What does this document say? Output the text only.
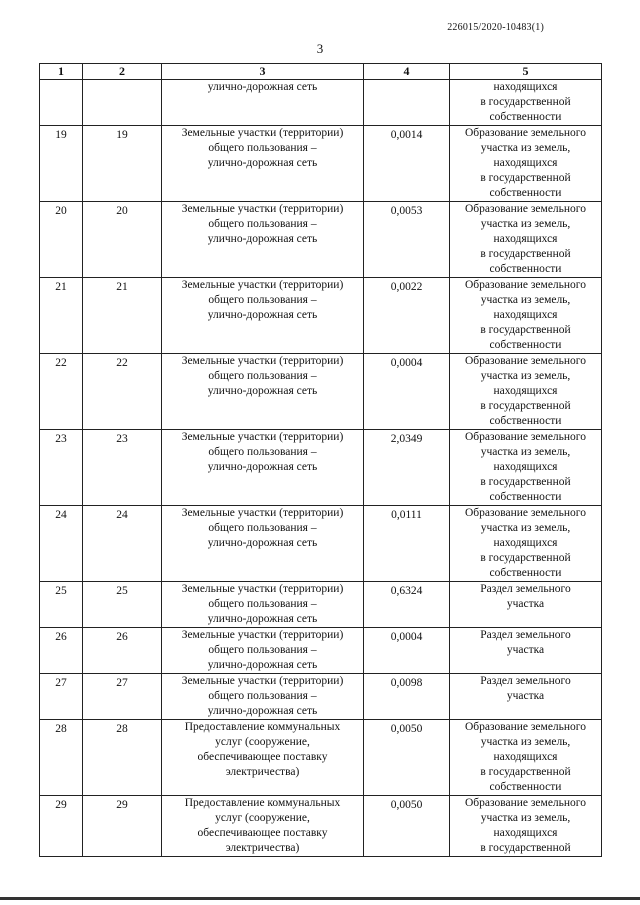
226015/2020-10483(1)
3
1	2	3	4	5

		улично-дорожная сеть		находящихся
в государственной
собственности

19	19	Земельные участки (территории)
общего пользования –
улично-дорожная сеть	0,0014	Образование земельного
участка из земель,
находящихся
в государственной
собственности

20	20	Земельные участки (территории)
общего пользования –
улично-дорожная сеть	0,0053	Образование земельного
участка из земель,
находящихся
в государственной
собственности

21	21	Земельные участки (территории)
общего пользования –
улично-дорожная сеть	0,0022	Образование земельного
участка из земель,
находящихся
в государственной
собственности

22	22	Земельные участки (территории)
общего пользования –
улично-дорожная сеть	0,0004	Образование земельного
участка из земель,
находящихся
в государственной
собственности

23	23	Земельные участки (территории)
общего пользования –
улично-дорожная сеть	2,0349	Образование земельного
участка из земель,
находящихся
в государственной
собственности

24	24	Земельные участки (территории)
общего пользования –
улично-дорожная сеть	0,0111	Образование земельного
участка из земель,
находящихся
в государственной
собственности

25	25	Земельные участки (территории)
общего пользования –
улично-дорожная сеть	0,6324	Раздел земельного
участка

26	26	Земельные участки (территории)
общего пользования –
улично-дорожная сеть	0,0004	Раздел земельного
участка

27	27	Земельные участки (территории)
общего пользования –
улично-дорожная сеть	0,0098	Раздел земельного
участка

28	28	Предоставление коммунальных
услуг (сооружение,
обеспечивающее поставку
электричества)	0,0050	Образование земельного
участка из земель,
находящихся
в государственной
собственности

29	29	Предоставление коммунальных
услуг (сооружение,
обеспечивающее поставку
электричества)	0,0050	Образование земельного
участка из земель,
находящихся
в государственной
